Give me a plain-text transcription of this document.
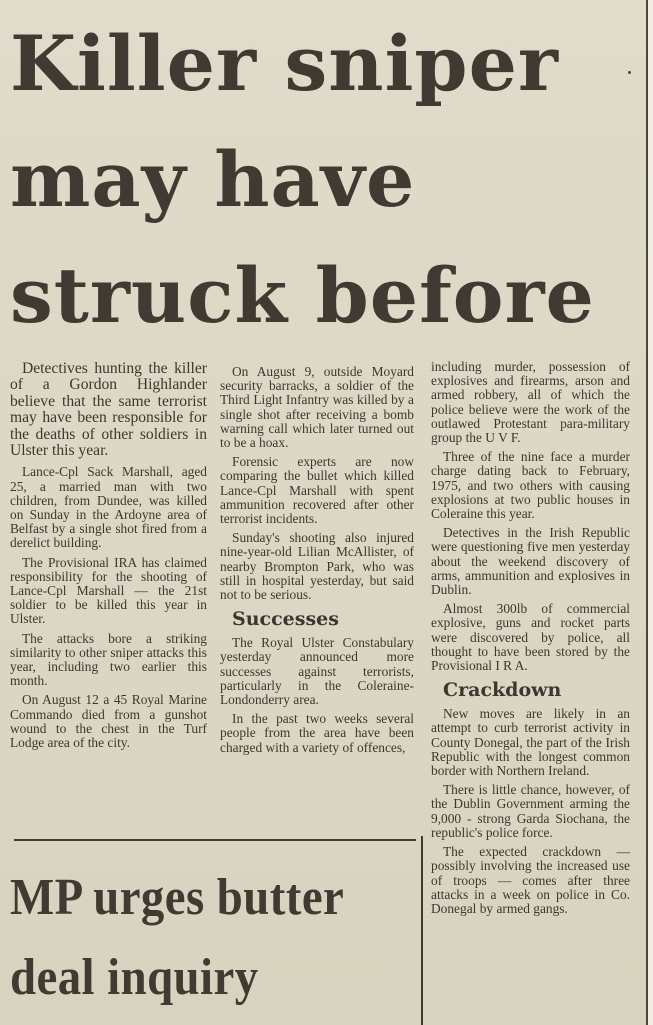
Killer sniper
may have
struck before

Detectives hunting the killer of a Gordon Highlander believe that the same terrorist may have been responsible for the deaths of other soldiers in Ulster this year.

Lance-Cpl Sack Marshall, aged 25, a married man with two children, from Dundee, was killed on Sunday in the Ardoyne area of Belfast by a single shot fired from a derelict building.

The Provisional IRA has claimed responsibility for the shooting of Lance-Cpl Marshall — the 21st soldier to be killed this year in Ulster.

The attacks bore a striking similarity to other sniper attacks this year, including two earlier this month.

On August 12 a 45 Royal Marine Commando died from a gunshot wound to the chest in the Turf Lodge area of the city.

On August 9, outside Moyard security barracks, a soldier of the Third Light Infantry was killed by a single shot after receiving a bomb warning call which later turned out to be a hoax.

Forensic experts are now comparing the bullet which killed Lance-Cpl Marshall with spent ammunition recovered after other terrorist incidents.

Sunday's shooting also injured nine-year-old Lilian McAllister, of nearby Brompton Park, who was still in hospital yesterday, but said not to be serious.

Successes

The Royal Ulster Constabulary yesterday announced more successes against terrorists, particularly in the Coleraine-Londonderry area.

In the past two weeks several people from the area have been charged with a variety of offences,

including murder, possession of explosives and firearms, arson and armed robbery, all of which the police believe were the work of the outlawed Protestant para-military group the U V F.

Three of the nine face a murder charge dating back to February, 1975, and two others with causing explosions at two public houses in Coleraine this year.

Detectives in the Irish Republic were questioning five men yesterday about the weekend discovery of arms, ammunition and explosives in Dublin.

Almost 300lb of commercial explosive, guns and rocket parts were discovered by police, all thought to have been stored by the Provisional I R A.

Crackdown

New moves are likely in an attempt to curb terrorist activity in County Donegal, the part of the Irish Republic with the longest common border with Northern Ireland.

There is little chance, however, of the Dublin Government arming the 9,000 - strong Garda Siochana, the republic's police force.

The expected crackdown — possibly involving the increased use of troops — comes after three attacks in a week on police in Co. Donegal by armed gangs.

MP urges butter
deal inquiry
